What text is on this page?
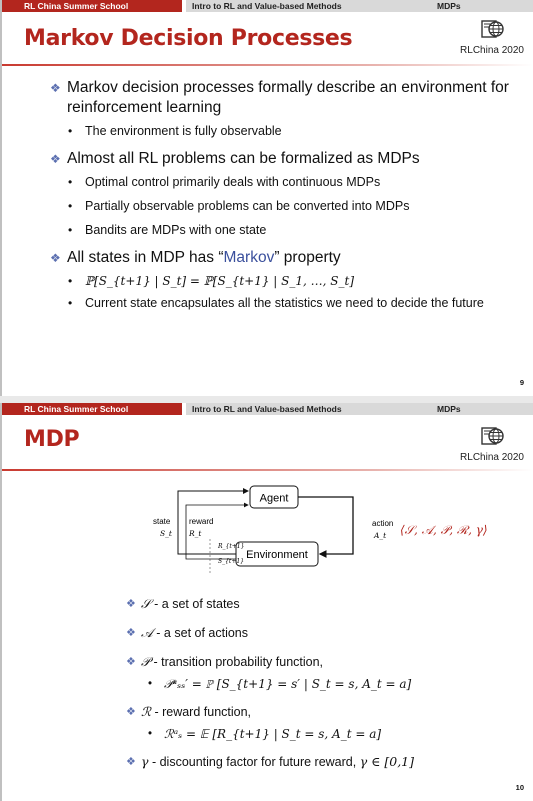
RL China Summer School	Intro to RL and Value-based Methods	MDPs
Markov Decision Processes	RLChina 2020
❖ Markov decision processes formally describe an environment for reinforcement learning
•	The environment is fully observable
❖ Almost all RL problems can be formalized as MDPs
•	Optimal control primarily deals with continuous MDPs
•	Partially observable problems can be converted into MDPs
•	Bandits are MDPs with one state
❖ All states in MDP has “Markov” property
•	ℙ[S_{t+1} | S_t] = ℙ[S_{t+1} | S_1, …, S_t]
•	Current state encapsulates all the statistics we need to decide the future
9
RL China Summer School	Intro to RL and Value-based Methods	MDPs
MDP
RLChina 2020
Agent
Environment
state
S_t
reward
R_t
action
A_t
R_{t+1}
S_{t+1}
⟨𝒮, 𝒜, 𝒫, ℛ, γ⟩
❖ 𝒮 - a set of states
❖ 𝒜 - a set of actions
❖ 𝒫 - transition probability function,
• 𝒫ᵃₛₛ′ = ℙ [S_{t+1} = s′ | S_t = s, A_t = a]
❖ ℛ - reward function,
• ℛᵃₛ = 𝔼 [R_{t+1} | S_t = s, A_t = a]
❖ γ - discounting factor for future reward, γ ∈ [0,1]
10
